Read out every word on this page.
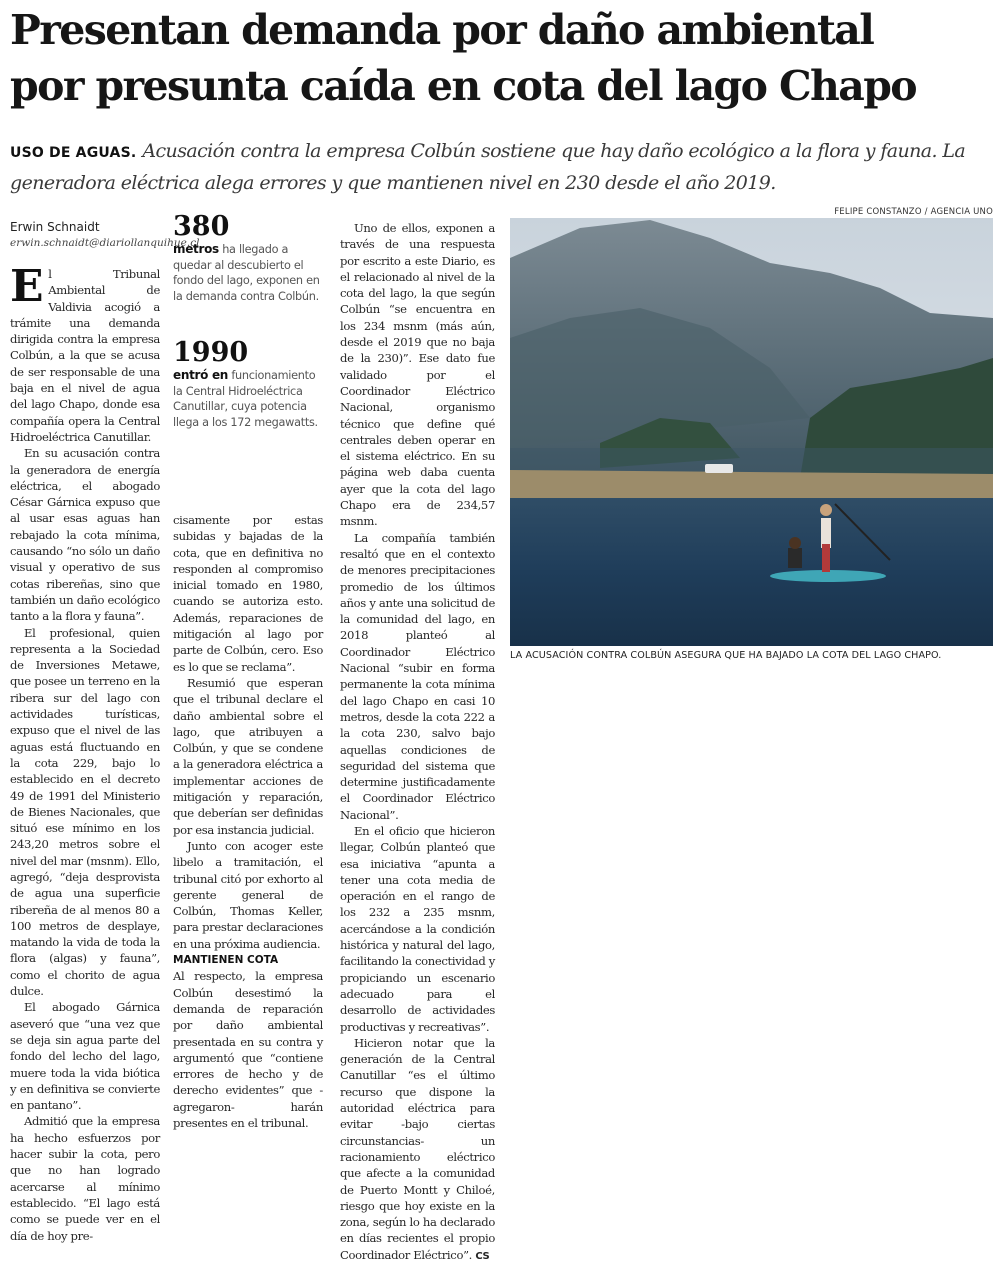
Presentan demanda por daño ambiental
por presunta caída en cota del lago Chapo
USO DE AGUAS. Acusación contra la empresa Colbún sostiene que hay daño ecológico a la flora y fauna. La generadora eléctrica alega errores y que mantienen nivel en 230 desde el año 2019.
Erwin Schnaidt
erwin.schnaidt@diariollanquihue.cl

El Tribunal Ambiental de Valdivia acogió a trámite una demanda dirigida contra la empresa Colbún, a la que se acusa de ser responsable de una baja en el nivel de agua del lago Chapo, donde esa compañía opera la Central Hidroeléctrica Canutillar.

En su acusación contra la generadora de energía eléctrica, el abogado César Gárnica expuso que al usar esas aguas han rebajado la cota mínima, causando “no sólo un daño visual y operativo de sus cotas ribereñas, sino que también un daño ecológico tanto a la flora y fauna”.

El profesional, quien representa a la Sociedad de Inversiones Metawe, que posee un terreno en la ribera sur del lago con actividades turísticas, expuso que el nivel de las aguas está fluctuando en la cota 229, bajo lo establecido en el decreto 49 de 1991 del Ministerio de Bienes Nacionales, que situó ese mínimo en los 243,20 metros sobre el nivel del mar (msnm). Ello, agregó, “deja desprovista de agua una superficie ribereña de al menos 80 a 100 metros de desplaye, matando la vida de toda la flora (algas) y fauna”, como el chorito de agua dulce.

El abogado Gárnica aseveró que “una vez que se deja sin agua parte del fondo del lecho del lago, muere toda la vida biótica y en definitiva se convierte en pantano”.

Admitió que la empresa ha hecho esfuerzos por hacer subir la cota, pero que no han logrado acercarse al mínimo establecido. “El lago está como se puede ver en el día de hoy pre-

380
metros ha llegado a quedar al descubierto el fondo del lago, exponen en la demanda contra Colbún.
1990
entró en funcionamiento la Central Hidroeléctrica Canutillar, cuya potencia llega a los 172 megawatts.

cisamente por estas subidas y bajadas de la cota, que en definitiva no responden al compromiso inicial tomado en 1980, cuando se autoriza esto. Además, reparaciones de mitigación al lago por parte de Colbún, cero. Eso es lo que se reclama”.

Resumió que esperan que el tribunal declare el daño ambiental sobre el lago, que atribuyen a Colbún, y que se condene a la generadora eléctrica a implementar acciones de mitigación y reparación, que deberían ser definidas por esa instancia judicial.

Junto con acoger este libelo a tramitación, el tribunal citó por exhorto al gerente general de Colbún, Thomas Keller, para prestar declaraciones en una próxima audiencia.

MANTIENEN COTA

Al respecto, la empresa Colbún desestimó la demanda de reparación por daño ambiental presentada en su contra y argumentó que “contiene errores de hecho y de derecho evidentes” que -agregaron- harán presentes en el tribunal.

Uno de ellos, exponen a través de una respuesta por escrito a este Diario, es el relacionado al nivel de la cota del lago, la que según Colbún “se encuentra en los 234 msnm (más aún, desde el 2019 que no baja de la 230)”. Ese dato fue validado por el Coordinador Eléctrico Nacional, organismo técnico que define qué centrales deben operar en el sistema eléctrico. En su página web daba cuenta ayer que la cota del lago Chapo era de 234,57 msnm.

La compañía también resaltó que en el contexto de menores precipitaciones promedio de los últimos años y ante una solicitud de la comunidad del lago, en 2018 planteó al Coordinador Eléctrico Nacional “subir en forma permanente la cota mínima del lago Chapo en casi 10 metros, desde la cota 222 a la cota 230, salvo bajo aquellas condiciones de seguridad del sistema que determine justificadamente el Coordinador Eléctrico Nacional”.

En el oficio que hicieron llegar, Colbún planteó que esa iniciativa “apunta a tener una cota media de operación en el rango de los 232 a 235 msnm, acercándose a la condición histórica y natural del lago, facilitando la conectividad y propiciando un escenario adecuado para el desarrollo de actividades productivas y recreativas”.

Hicieron notar que la generación de la Central Canutillar “es el último recurso que dispone la autoridad eléctrica para evitar -bajo ciertas circunstancias- un racionamiento eléctrico que afecte a la comunidad de Puerto Montt y Chiloé, riesgo que hoy existe en la zona, según lo ha declarado en días recientes el propio Coordinador Eléctrico”. CS

FELIPE CONSTANZO / AGENCIA UNO
LA ACUSACIÓN CONTRA COLBÚN ASEGURA QUE HA BAJADO LA COTA DEL LAGO CHAPO.
